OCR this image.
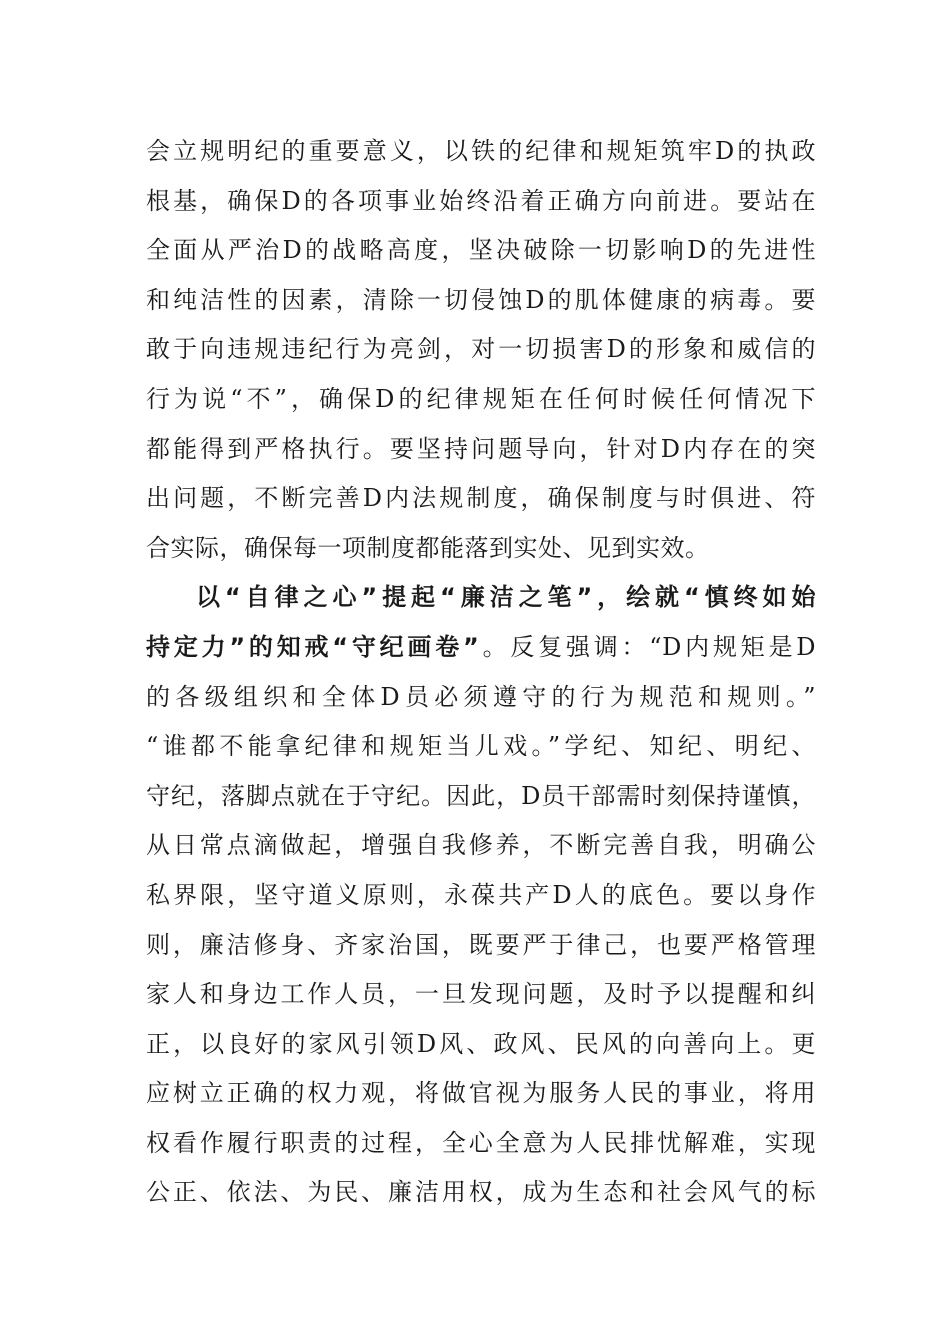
会立规明纪的重要意义，以铁的纪律和规矩筑牢D的执政
根基，确保D的各项事业始终沿着正确方向前进。要站在
全面从严治D的战略高度，坚决破除一切影响D的先进性
和纯洁性的因素，清除一切侵蚀D的肌体健康的病毒。要
敢于向违规违纪行为亮剑，对一切损害D的形象和威信的
行为说“不”，确保D的纪律规矩在任何时候任何情况下
都能得到严格执行。要坚持问题导向，针对D内存在的突
出问题，不断完善D内法规制度，确保制度与时俱进、符
合实际，确保每一项制度都能落到实处、见到实效。
以“自律之心”提起“廉洁之笔”，绘就“慎终如始
持定力”的知戒“守纪画卷”。反复强调：“D内规矩是D
的各级组织和全体D员必须遵守的行为规范和规则。”
“谁都不能拿纪律和规矩当儿戏。”学纪、知纪、明纪、
守纪，落脚点就在于守纪。因此，D员干部需时刻保持谨慎，
从日常点滴做起，增强自我修养，不断完善自我，明确公
私界限，坚守道义原则，永葆共产D人的底色。要以身作
则，廉洁修身、齐家治国，既要严于律己，也要严格管理
家人和身边工作人员，一旦发现问题，及时予以提醒和纠
正，以良好的家风引领D风、政风、民风的向善向上。更
应树立正确的权力观，将做官视为服务人民的事业，将用
权看作履行职责的过程，全心全意为人民排忧解难，实现
公正、依法、为民、廉洁用权，成为生态和社会风气的标
